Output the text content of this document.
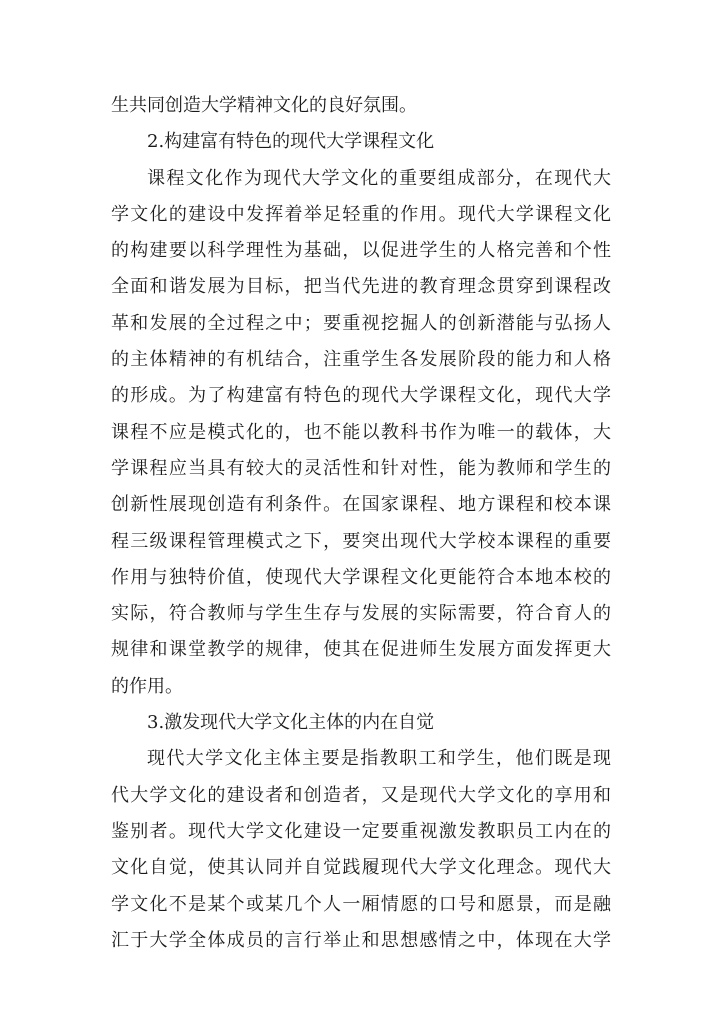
生共同创造大学精神文化的良好氛围。
2.构建富有特色的现代大学课程文化
课程文化作为现代大学文化的重要组成部分，在现代大
学文化的建设中发挥着举足轻重的作用。现代大学课程文化
的构建要以科学理性为基础，以促进学生的人格完善和个性
全面和谐发展为目标，把当代先进的教育理念贯穿到课程改
革和发展的全过程之中；要重视挖掘人的创新潜能与弘扬人
的主体精神的有机结合，注重学生各发展阶段的能力和人格
的形成。为了构建富有特色的现代大学课程文化，现代大学
课程不应是模式化的，也不能以教科书作为唯一的载体，大
学课程应当具有较大的灵活性和针对性，能为教师和学生的
创新性展现创造有利条件。在国家课程、地方课程和校本课
程三级课程管理模式之下，要突出现代大学校本课程的重要
作用与独特价值，使现代大学课程文化更能符合本地本校的
实际，符合教师与学生生存与发展的实际需要，符合育人的
规律和课堂教学的规律，使其在促进师生发展方面发挥更大
的作用。
3.激发现代大学文化主体的内在自觉
现代大学文化主体主要是指教职工和学生，他们既是现
代大学文化的建设者和创造者，又是现代大学文化的享用和
鉴别者。现代大学文化建设一定要重视激发教职员工内在的
文化自觉，使其认同并自觉践履现代大学文化理念。现代大
学文化不是某个或某几个人一厢情愿的口号和愿景，而是融
汇于大学全体成员的言行举止和思想感情之中，体现在大学
